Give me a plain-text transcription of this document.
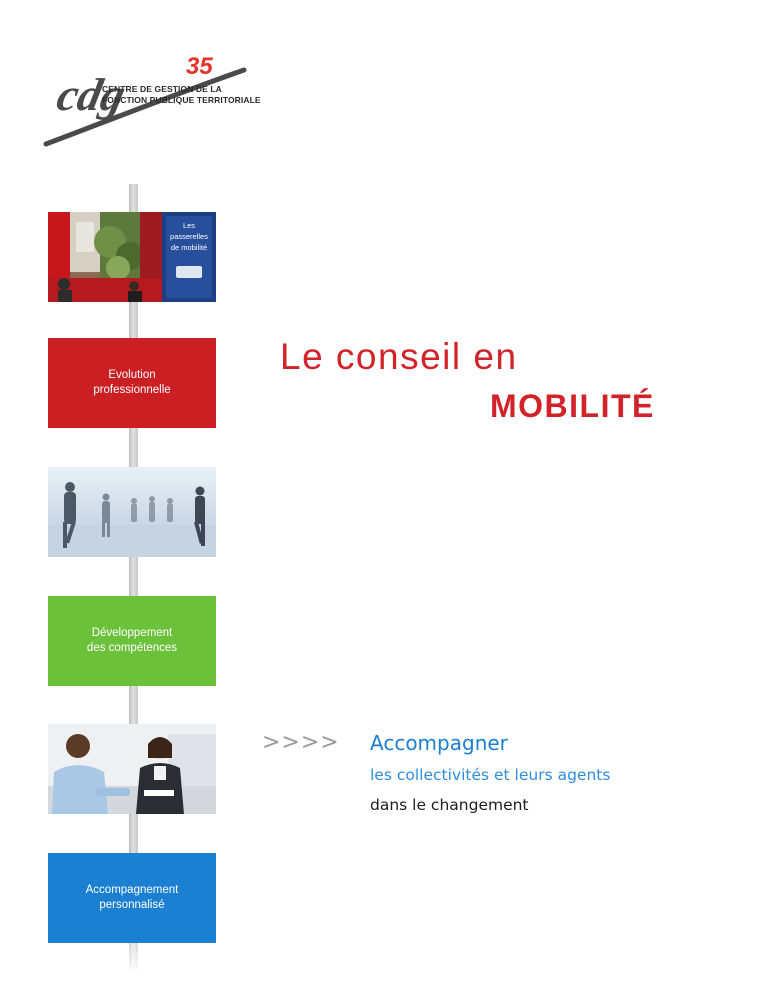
cdg
35
CENTRE DE GESTION DE LA
FONCTION PUBLIQUE TERRITORIALE
Les
passerelles
de mobilité
Evolution
professionnelle
Développement
des compétences
Accompagnement
personnalisé
Le conseil en
MOBILITÉ
>>>> Accompagner
les collectivités et leurs agents
dans le changement
